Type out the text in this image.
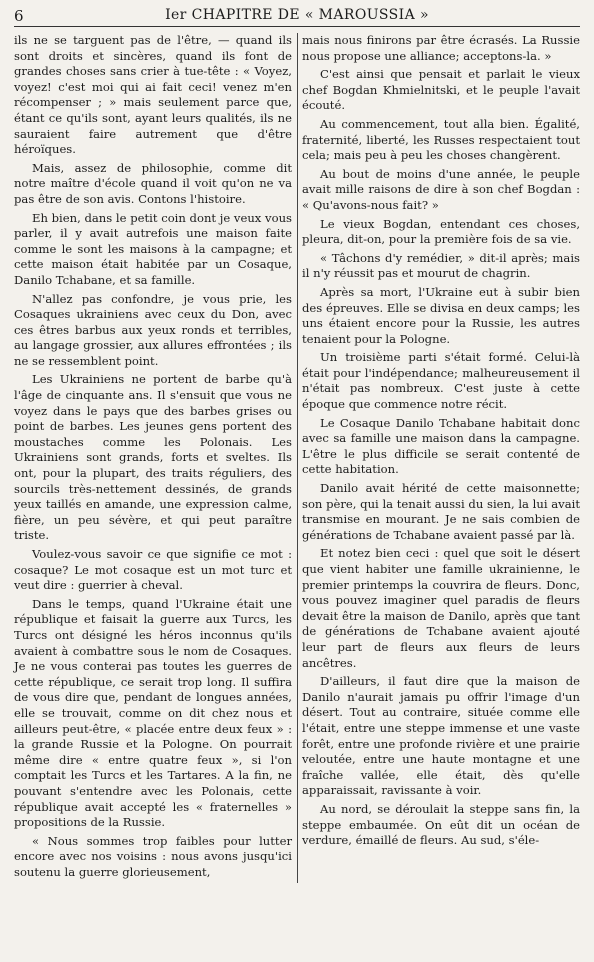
6	Ier CHAPITRE DE « MAROUSSIA »

ils ne se targuent pas de l'être, — quand ils sont droits et sincères, quand ils font de grandes choses sans crier à tue-tête : « Voyez, voyez! c'est moi qui ai fait ceci! venez m'en récompenser ; » mais seulement parce que, étant ce qu'ils sont, ayant leurs qualités, ils ne sauraient faire autrement que d'être héroïques.

Mais, assez de philosophie, comme dit notre maître d'école quand il voit qu'on ne va pas être de son avis. Contons l'histoire.

Eh bien, dans le petit coin dont je veux vous parler, il y avait autrefois une maison faite comme le sont les maisons à la campagne; et cette maison était habitée par un Cosaque, Danilo Tchabane, et sa famille.

N'allez pas confondre, je vous prie, les Cosaques ukrainiens avec ceux du Don, avec ces êtres barbus aux yeux ronds et terribles, au langage grossier, aux allures effrontées ; ils ne se ressemblent point.

Les Ukrainiens ne portent de barbe qu'à l'âge de cinquante ans. Il s'ensuit que vous ne voyez dans le pays que des barbes grises ou point de barbes. Les jeunes gens portent des moustaches comme les Polonais. Les Ukrainiens sont grands, forts et sveltes. Ils ont, pour la plupart, des traits réguliers, des sourcils très-nettement dessinés, de grands yeux taillés en amande, une expression calme, fière, un peu sévère, et qui peut paraître triste.

Voulez-vous savoir ce que signifie ce mot : cosaque? Le mot cosaque est un mot turc et veut dire : guerrier à cheval.

Dans le temps, quand l'Ukraine était une république et faisait la guerre aux Turcs, les Turcs ont désigné les héros inconnus qu'ils avaient à combattre sous le nom de Cosaques. Je ne vous conterai pas toutes les guerres de cette république, ce serait trop long. Il suffira de vous dire que, pendant de longues années, elle se trouvait, comme on dit chez nous et ailleurs peut-être, « placée entre deux feux » : la grande Russie et la Pologne. On pourrait même dire « entre quatre feux », si l'on comptait les Turcs et les Tartares. A la fin, ne pouvant s'entendre avec les Polonais, cette république avait accepté les « fraternelles » propositions de la Russie.

« Nous sommes trop faibles pour lutter encore avec nos voisins : nous avons jusqu'ici soutenu la guerre glorieusement,

mais nous finirons par être écrasés. La Russie nous propose une alliance; acceptons-la. »

C'est ainsi que pensait et parlait le vieux chef Bogdan Khmielnitski, et le peuple l'avait écouté.

Au commencement, tout alla bien. Égalité, fraternité, liberté, les Russes respectaient tout cela; mais peu à peu les choses changèrent.

Au bout de moins d'une année, le peuple avait mille raisons de dire à son chef Bogdan : « Qu'avons-nous fait? »

Le vieux Bogdan, entendant ces choses, pleura, dit-on, pour la première fois de sa vie.

« Tâchons d'y remédier, » dit-il après; mais il n'y réussit pas et mourut de chagrin.

Après sa mort, l'Ukraine eut à subir bien des épreuves. Elle se divisa en deux camps; les uns étaient encore pour la Russie, les autres tenaient pour la Pologne.

Un troisième parti s'était formé. Celui-là était pour l'indépendance; malheureusement il n'était pas nombreux. C'est juste à cette époque que commence notre récit.

Le Cosaque Danilo Tchabane habitait donc avec sa famille une maison dans la campagne. L'être le plus difficile se serait contenté de cette habitation.

Danilo avait hérité de cette maisonnette; son père, qui la tenait aussi du sien, la lui avait transmise en mourant. Je ne sais combien de générations de Tchabane avaient passé par là.

Et notez bien ceci : quel que soit le désert que vient habiter une famille ukrainienne, le premier printemps la couvrira de fleurs. Donc, vous pouvez imaginer quel paradis de fleurs devait être la maison de Danilo, après que tant de générations de Tchabane avaient ajouté leur part de fleurs aux fleurs de leurs ancêtres.

D'ailleurs, il faut dire que la maison de Danilo n'aurait jamais pu offrir l'image d'un désert. Tout au contraire, située comme elle l'était, entre une steppe immense et une vaste forêt, entre une profonde rivière et une prairie veloutée, entre une haute montagne et une fraîche vallée, elle était, dès qu'elle apparaissait, ravissante à voir.

Au nord, se déroulait la steppe sans fin, la steppe embaumée. On eût dit un océan de verdure, émaillé de fleurs. Au sud, s'éle-
